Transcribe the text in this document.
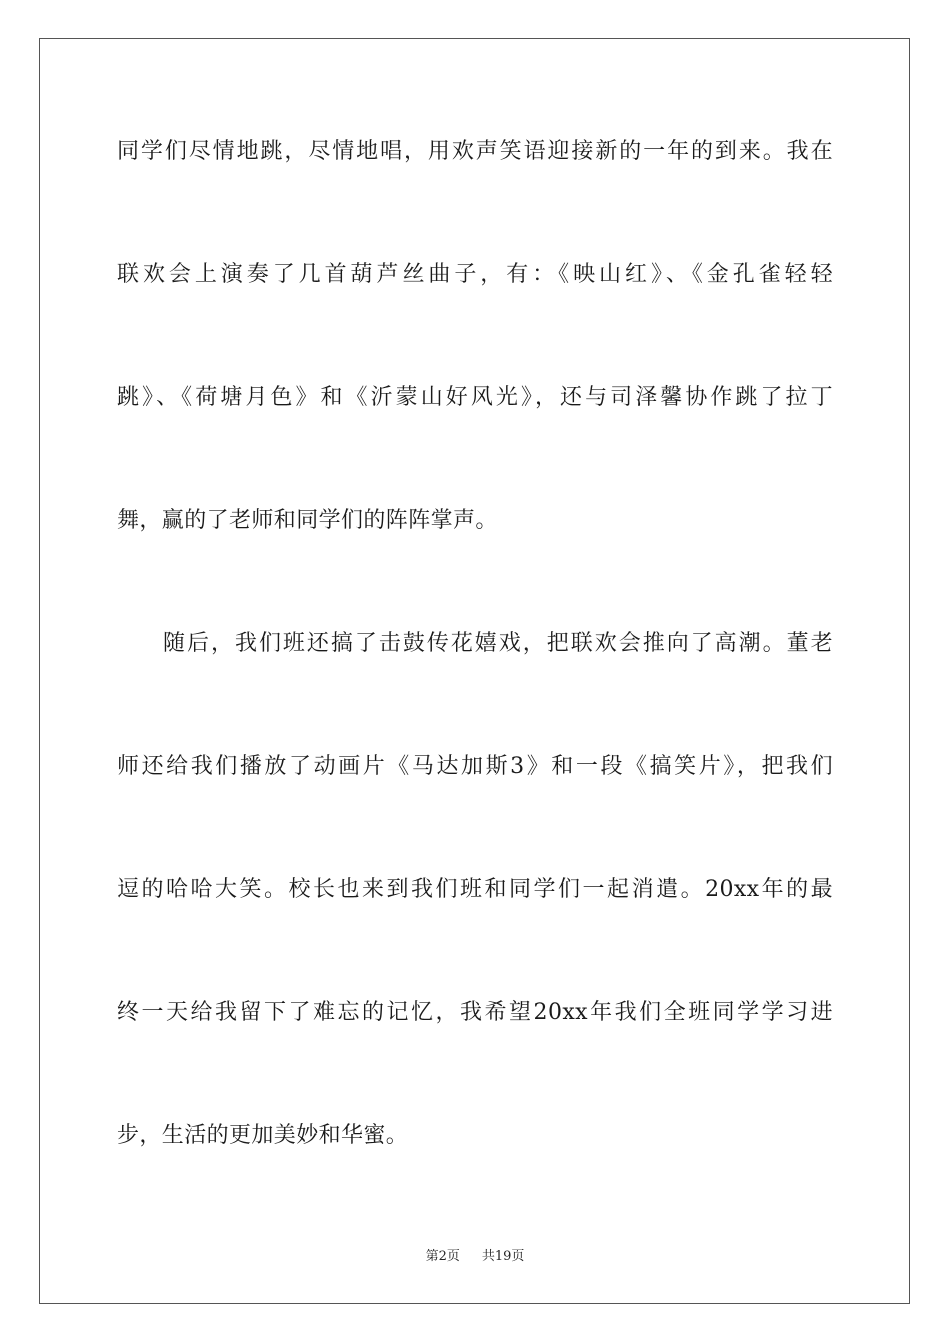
同学们尽情地跳，尽情地唱，用欢声笑语迎接新的一年的到来。我在
联欢会上演奏了几首葫芦丝曲子，有：《映山红》、《金孔雀轻轻
跳》、《荷塘月色》和《沂蒙山好风光》，还与司泽馨协作跳了拉丁
舞，赢的了老师和同学们的阵阵掌声。
随后，我们班还搞了击鼓传花嬉戏，把联欢会推向了高潮。董老
师还给我们播放了动画片《马达加斯3》和一段《搞笑片》，把我们
逗的哈哈大笑。校长也来到我们班和同学们一起消遣。20xx年的最
终一天给我留下了难忘的记忆，我希望20xx年我们全班同学学习进
步，生活的更加美妙和华蜜。
第2页 共19页
